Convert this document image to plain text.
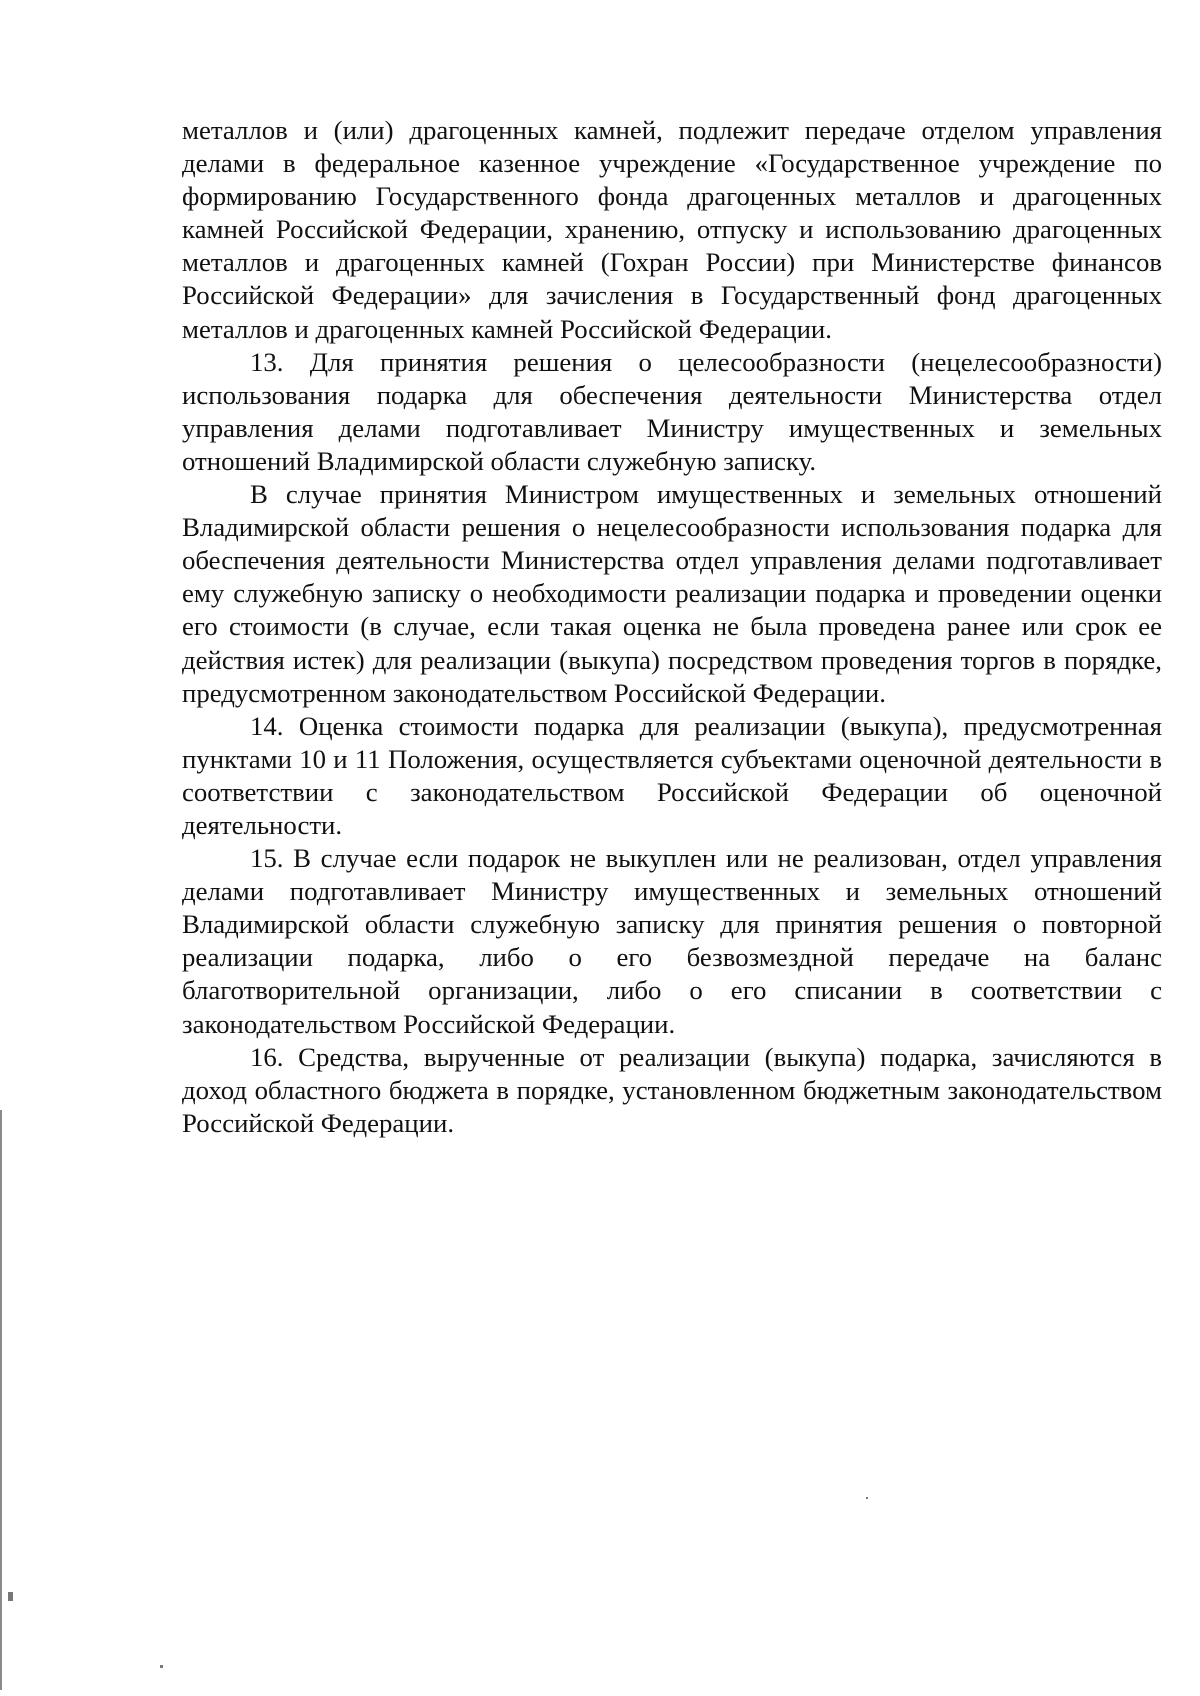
металлов и (или) драгоценных камней, подлежит передаче отделом управления делами в федеральное казенное учреждение «Государственное учреждение по формированию Государственного фонда драгоценных металлов и драгоценных камней Российской Федерации, хранению, отпуску и использованию драгоценных металлов и драгоценных камней (Гохран России) при Министерстве финансов Российской Федерации» для зачисления в Государственный фонд драгоценных металлов и драгоценных камней Российской Федерации.

13. Для принятия решения о целесообразности (нецелесообразности) использования подарка для обеспечения деятельности Министерства отдел управления делами подготавливает Министру имущественных и земельных отношений Владимирской области служебную записку.

В случае принятия Министром имущественных и земельных отношений Владимирской области решения о нецелесообразности использования подарка для обеспечения деятельности Министерства отдел управления делами подготавливает ему служебную записку о необходимости реализации подарка и проведении оценки его стоимости (в случае, если такая оценка не была проведена ранее или срок ее действия истек) для реализации (выкупа) посредством проведения торгов в порядке, предусмотренном законодательством Российской Федерации.

14. Оценка стоимости подарка для реализации (выкупа), предусмотренная пунктами 10 и 11 Положения, осуществляется субъектами оценочной деятельности в соответствии с законодательством Российской Федерации об оценочной деятельности.

15. В случае если подарок не выкуплен или не реализован, отдел управления делами подготавливает Министру имущественных и земельных отношений Владимирской области служебную записку для принятия решения о повторной реализации подарка, либо о его безвозмездной передаче на баланс благотворительной организации, либо о его списании в соответствии с законодательством Российской Федерации.

16. Средства, вырученные от реализации (выкупа) подарка, зачисляются в доход областного бюджета в порядке, установленном бюджетным законодательством Российской Федерации.
